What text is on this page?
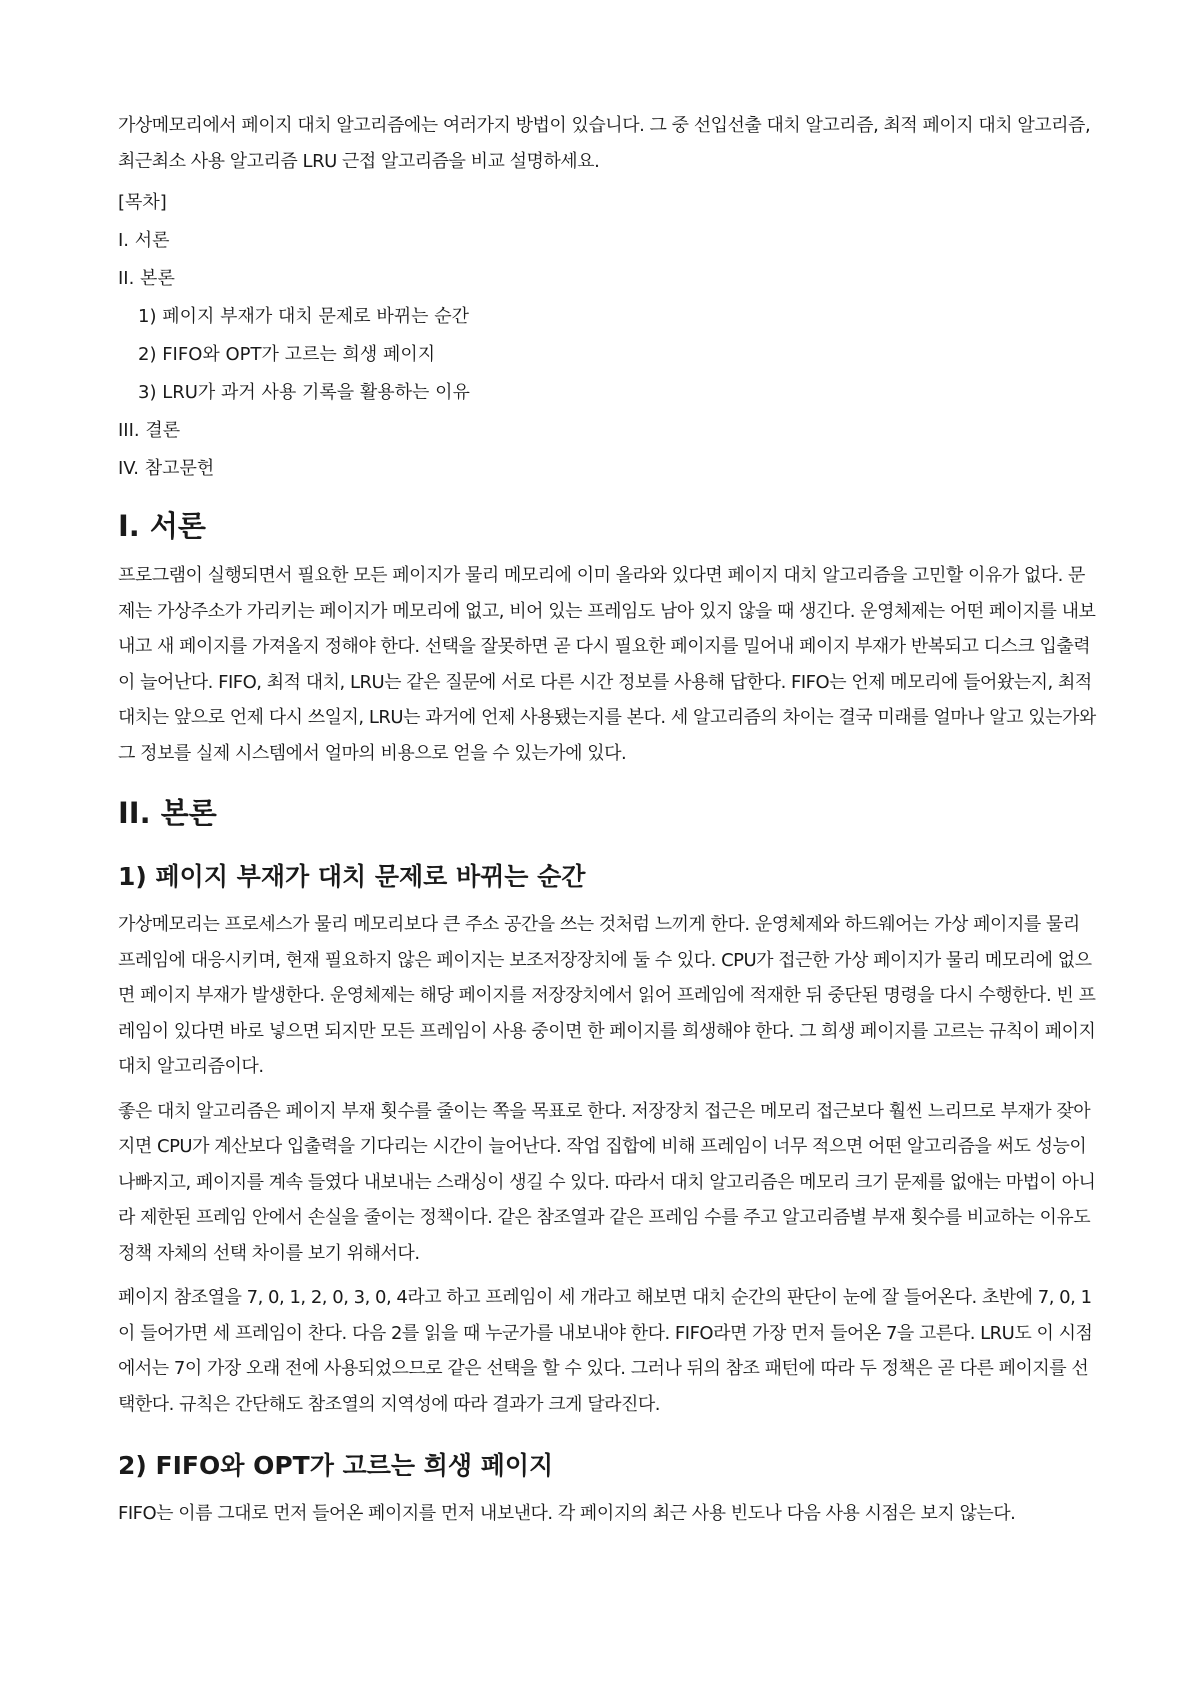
가상메모리에서 페이지 대치 알고리즘에는 여러가지 방법이 있습니다. 그 중 선입선출 대치 알고리즘, 최적 페이지 대치 알고리즘, 최근최소 사용 알고리즘 LRU 근접 알고리즘을 비교 설명하세요.

[목차]
I. 서론
II. 본론
1) 페이지 부재가 대치 문제로 바뀌는 순간
2) FIFO와 OPT가 고르는 희생 페이지
3) LRU가 과거 사용 기록을 활용하는 이유
III. 결론
IV. 참고문헌
I. 서론

프로그램이 실행되면서 필요한 모든 페이지가 물리 메모리에 이미 올라와 있다면 페이지 대치 알고리즘을 고민할 이유가 없다. 문제는 가상주소가 가리키는 페이지가 메모리에 없고, 비어 있는 프레임도 남아 있지 않을 때 생긴다. 운영체제는 어떤 페이지를 내보내고 새 페이지를 가져올지 정해야 한다. 선택을 잘못하면 곧 다시 필요한 페이지를 밀어내 페이지 부재가 반복되고 디스크 입출력이 늘어난다. FIFO, 최적 대치, LRU는 같은 질문에 서로 다른 시간 정보를 사용해 답한다. FIFO는 언제 메모리에 들어왔는지, 최적 대치는 앞으로 언제 다시 쓰일지, LRU는 과거에 언제 사용됐는지를 본다. 세 알고리즘의 차이는 결국 미래를 얼마나 알고 있는가와 그 정보를 실제 시스템에서 얼마의 비용으로 얻을 수 있는가에 있다.

II. 본론
1) 페이지 부재가 대치 문제로 바뀌는 순간

가상메모리는 프로세스가 물리 메모리보다 큰 주소 공간을 쓰는 것처럼 느끼게 한다. 운영체제와 하드웨어는 가상 페이지를 물리 프레임에 대응시키며, 현재 필요하지 않은 페이지는 보조저장장치에 둘 수 있다. CPU가 접근한 가상 페이지가 물리 메모리에 없으면 페이지 부재가 발생한다. 운영체제는 해당 페이지를 저장장치에서 읽어 프레임에 적재한 뒤 중단된 명령을 다시 수행한다. 빈 프레임이 있다면 바로 넣으면 되지만 모든 프레임이 사용 중이면 한 페이지를 희생해야 한다. 그 희생 페이지를 고르는 규칙이 페이지 대치 알고리즘이다.

좋은 대치 알고리즘은 페이지 부재 횟수를 줄이는 쪽을 목표로 한다. 저장장치 접근은 메모리 접근보다 훨씬 느리므로 부재가 잦아지면 CPU가 계산보다 입출력을 기다리는 시간이 늘어난다. 작업 집합에 비해 프레임이 너무 적으면 어떤 알고리즘을 써도 성능이 나빠지고, 페이지를 계속 들였다 내보내는 스래싱이 생길 수 있다. 따라서 대치 알고리즘은 메모리 크기 문제를 없애는 마법이 아니라 제한된 프레임 안에서 손실을 줄이는 정책이다. 같은 참조열과 같은 프레임 수를 주고 알고리즘별 부재 횟수를 비교하는 이유도 정책 자체의 선택 차이를 보기 위해서다.

페이지 참조열을 7, 0, 1, 2, 0, 3, 0, 4라고 하고 프레임이 세 개라고 해보면 대치 순간의 판단이 눈에 잘 들어온다. 초반에 7, 0, 1이 들어가면 세 프레임이 찬다. 다음 2를 읽을 때 누군가를 내보내야 한다. FIFO라면 가장 먼저 들어온 7을 고른다. LRU도 이 시점에서는 7이 가장 오래 전에 사용되었으므로 같은 선택을 할 수 있다. 그러나 뒤의 참조 패턴에 따라 두 정책은 곧 다른 페이지를 선택한다. 규칙은 간단해도 참조열의 지역성에 따라 결과가 크게 달라진다.

2) FIFO와 OPT가 고르는 희생 페이지

FIFO는 이름 그대로 먼저 들어온 페이지를 먼저 내보낸다. 각 페이지의 최근 사용 빈도나 다음 사용 시점은 보지 않는다.
